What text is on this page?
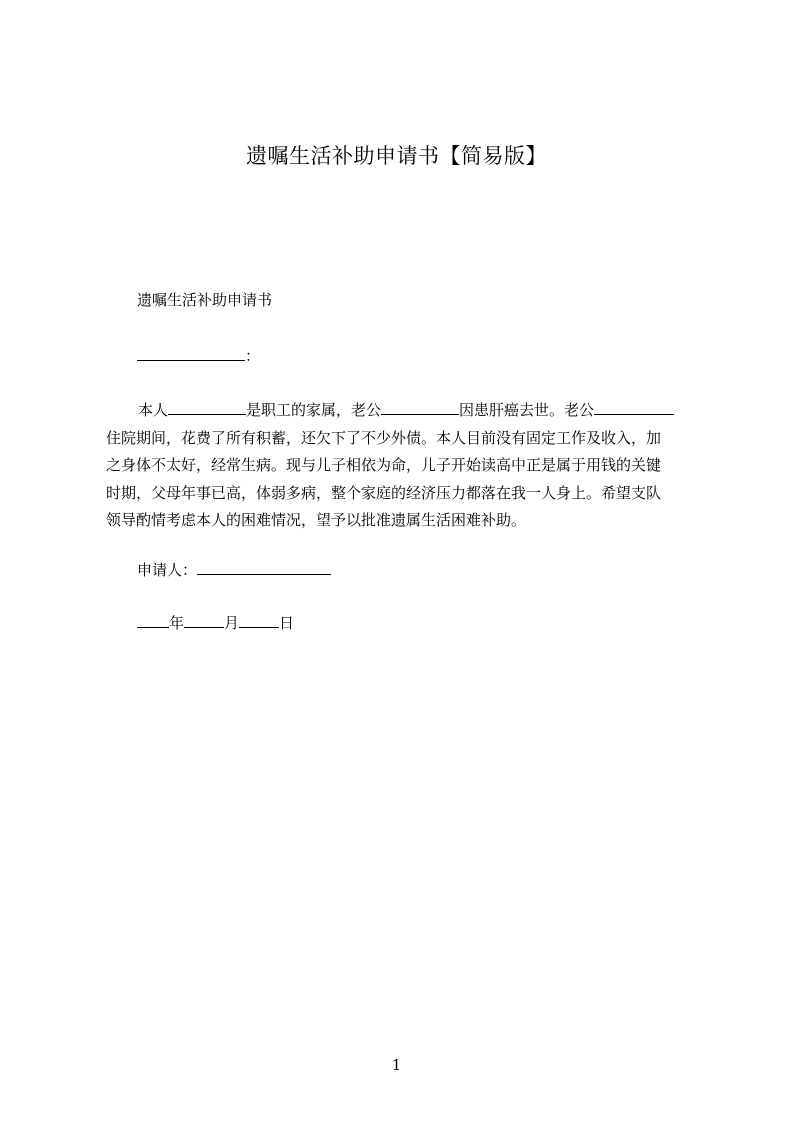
遗嘱生活补助申请书【简易版】
遗嘱生活补助申请书
：
本人	是职工的家属，老公	因患肝癌去世。老公
住院期间，花费了所有积蓄，还欠下了不少外债。本人目前没有固定工作及收入，加
之身体不太好，经常生病。现与儿子相依为命，儿子开始读高中正是属于用钱的关键
时期，父母年事已高，体弱多病，整个家庭的经济压力都落在我一人身上。希望支队
领导酌情考虑本人的困难情况，望予以批准遗属生活困难补助。
申请人：
年	月	日
1
